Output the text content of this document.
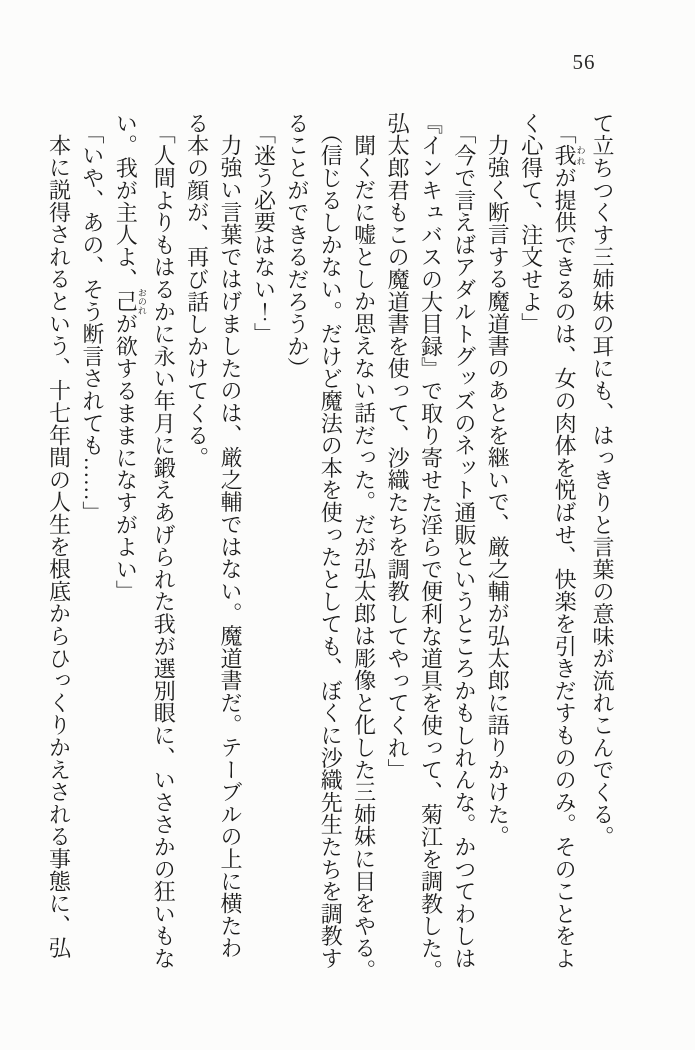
56
て立ちつくす三姉妹の耳にも、はっきりと言葉の意味が流れこんでくる。
「我われが提供できるのは、女の肉体を悦ばせ、快楽を引きだすもののみ。そのことをよ
く心得て、注文せよ」
力強く断言する魔道書のあとを継いで、厳之輔が弘太郎に語りかけた。
「今で言えばアダルトグッズのネット通販というところかもしれんな。かつてわしは
『インキュバスの大目録』で取り寄せた淫らで便利な道具を使って、菊江を調教した。
弘太郎君もこの魔道書を使って、沙織たちを調教してやってくれ」
聞くだに嘘としか思えない話だった。だが弘太郎は彫像と化した三姉妹に目をやる。
（信じるしかない。だけど魔法の本を使ったとしても、ぼくに沙織先生たちを調教す
ることができるだろうか）
「迷う必要はない！」
力強い言葉ではげましたのは、厳之輔ではない。魔道書だ。テーブルの上に横たわ
る本の顔が、再び話しかけてくる。
「人間よりもはるかに永い年月に鍛えあげられた我が選別眼に、いささかの狂いもな
い。我が主人よ、己おのれが欲するままになすがよい」
「いや、あの、そう断言されても……」
本に説得されるという、十七年間の人生を根底からひっくりかえされる事態に、弘
